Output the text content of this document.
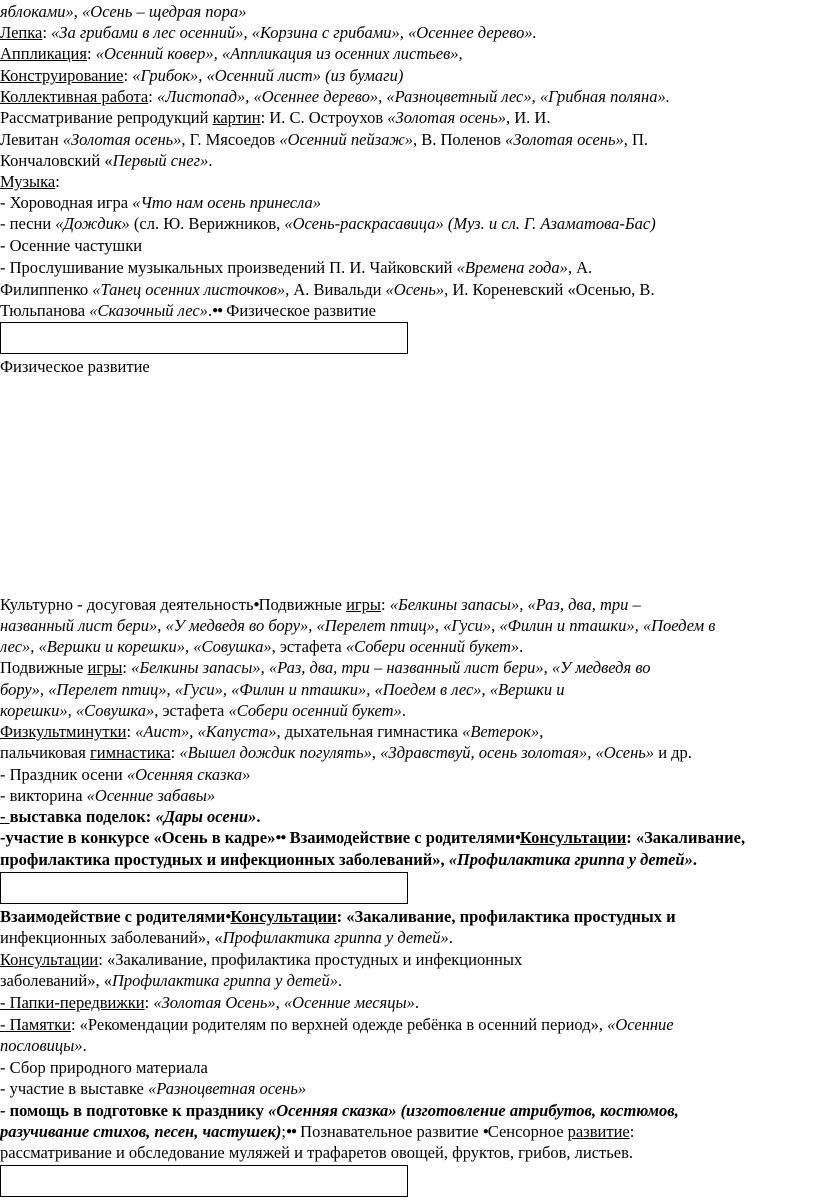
яблоками», «Осень – щедрая пора»
Лепка: «За грибами в лес осенний», «Корзина с грибами», «Осеннее дерево».
Аппликация: «Осенний ковер», «Аппликация из осенних листьев»,
Конструирование: «Грибок», «Осенний лист» (из бумаги)
Коллективная работа: «Листопад», «Осеннее дерево», «Разноцветный лес», «Грибная поляна».
Рассматривание репродукций картин: И. С. Остроухов «Золотая осень», И. И.
Левитан «Золотая осень», Г. Мясоедов «Осенний пейзаж», В. Поленов «Золотая осень», П.
Кончаловский «Первый снег».
Музыка:
- Хороводная игра «Что нам осень принесла»
- песни «Дождик» (сл. Ю. Верижников, «Осень-раскрасавица» (Муз. и сл. Г. Азаматова-Бас)
- Осенние частушки
- Прослушивание музыкальных произведений П. И. Чайковский «Времена года», А.
Филиппенко «Танец осенних листочков», А. Вивальди «Осень», И. Кореневский «Осенью, В.
Тюльпанова «Сказочный лес».●● Физическое развитие
Физическое развитие
Культурно - досуговая деятельность●Подвижные игры: «Белкины запасы», «Раз, два, три –
названный лист бери», «У медведя во бору», «Перелет птиц», «Гуси», «Филин и пташки», «Поедем в
лес», «Вершки и корешки», «Совушка», эстафета «Собери осенний букет».
Подвижные игры: «Белкины запасы», «Раз, два, три – названный лист бери», «У медведя во
бору», «Перелет птиц», «Гуси», «Филин и пташки», «Поедем в лес», «Вершки и
корешки», «Совушка», эстафета «Собери осенний букет».
Физкультминутки: «Аист», «Капуста», дыхательная гимнастика «Ветерок»,
пальчиковая гимнастика: «Вышел дождик погулять», «Здравствуй, осень золотая», «Осень» и др.
- Праздник осени «Осенняя сказка»
- викторина «Осенние забавы»
- выставка поделок: «Дары осени».
-участие в конкурсе «Осень в кадре»●● Взаимодействие с родителями●Консультации: «Закаливание,
профилактика простудных и инфекционных заболеваний», «Профилактика гриппа у детей».
Взаимодействие с родителями●Консультации: «Закаливание, профилактика простудных и
инфекционных заболеваний», «Профилактика гриппа у детей».
Консультации: «Закаливание, профилактика простудных и инфекционных
заболеваний», «Профилактика гриппа у детей».
- Папки-передвижки: «Золотая Осень», «Осенние месяцы».
- Памятки: «Рекомендации родителям по верхней одежде ребёнка в осенний период», «Осенние
пословицы».
- Сбор природного материала
- участие в выставке «Разноцветная осень»
- помощь в подготовке к празднику «Осенняя сказка» (изготовление атрибутов, костюмов,
разучивание стихов, песен, частушек);●● Познавательное развитие ●Сенсорное развитие:
рассматривание и обследование муляжей и трафаретов овощей, фруктов, грибов, листьев.
